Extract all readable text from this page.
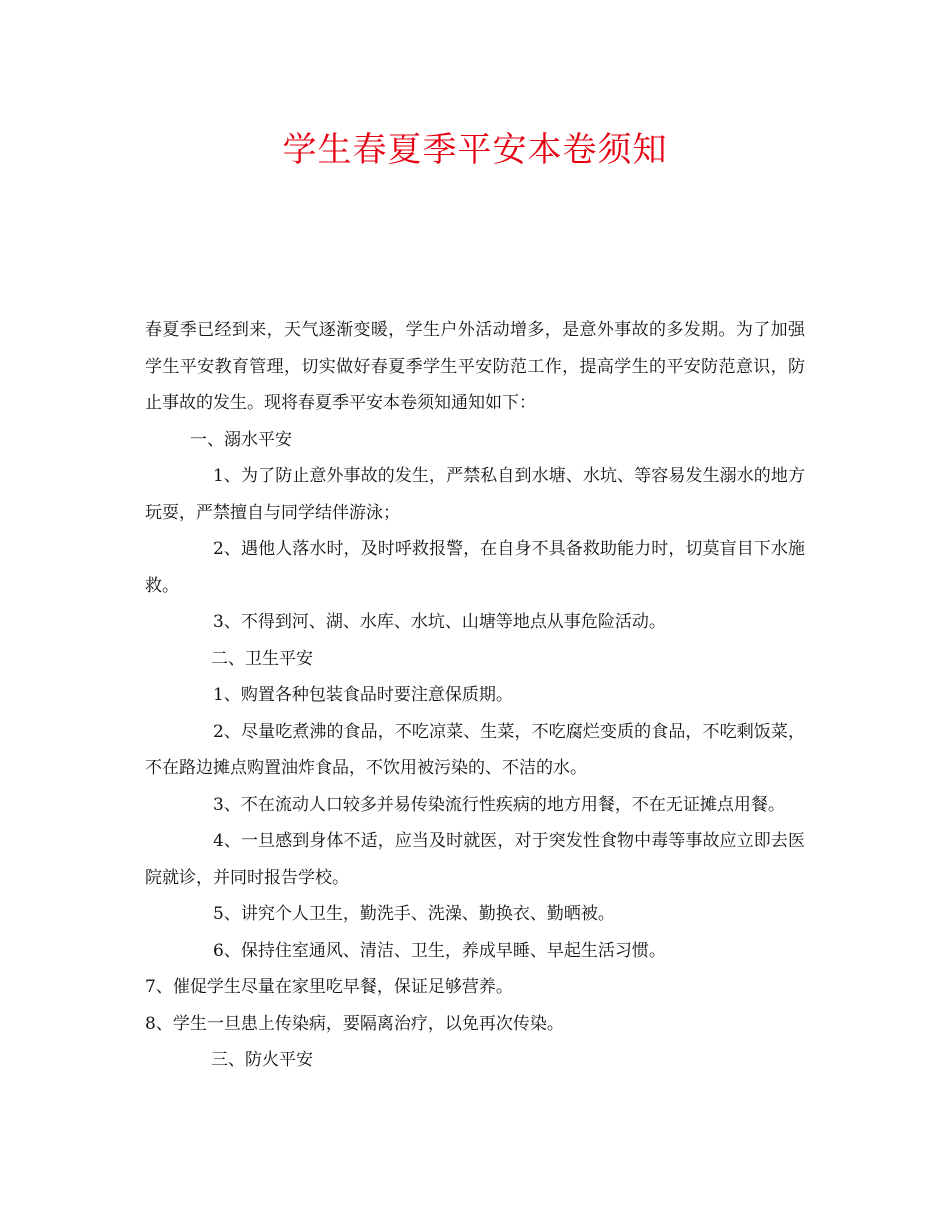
学生春夏季平安本卷须知

春夏季已经到来，天气逐渐变暖，学生户外活动增多，是意外事故的多发期。为了加强学生平安教育管理，切实做好春夏季学生平安防范工作，提高学生的平安防范意识，防止事故的发生。现将春夏季平安本卷须知通知如下：

一、溺水平安

1、为了防止意外事故的发生，严禁私自到水塘、水坑、等容易发生溺水的地方玩耍，严禁擅自与同学结伴游泳；

2、遇他人落水时，及时呼救报警，在自身不具备救助能力时，切莫盲目下水施救。

3、不得到河、湖、水库、水坑、山塘等地点从事危险活动。

二、卫生平安

1、购置各种包装食品时要注意保质期。

2、尽量吃煮沸的食品，不吃凉菜、生菜，不吃腐烂变质的食品，不吃剩饭菜，不在路边摊点购置油炸食品，不饮用被污染的、不洁的水。

3、不在流动人口较多并易传染流行性疾病的地方用餐，不在无证摊点用餐。

4、一旦感到身体不适，应当及时就医，对于突发性食物中毒等事故应立即去医院就诊，并同时报告学校。

5、讲究个人卫生，勤洗手、洗澡、勤换衣、勤晒被。

6、保持住室通风、清洁、卫生，养成早睡、早起生活习惯。

7、催促学生尽量在家里吃早餐，保证足够营养。

8、学生一旦患上传染病，要隔离治疗，以免再次传染。

三、防火平安
